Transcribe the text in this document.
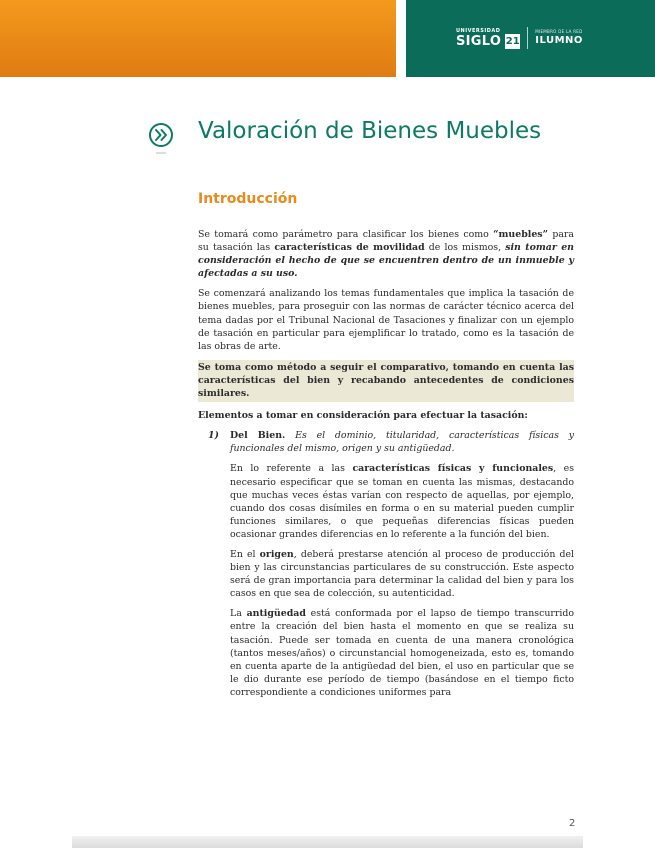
UNIVERSIDAD
SIGLO 21
MIEMBRO DE LA RED
ILUMNO
Valoración de Bienes Muebles
Introducción

Se tomará como parámetro para clasificar los bienes como “muebles” para su tasación las características de movilidad de los mismos, sin tomar en consideración el hecho de que se encuentren dentro de un inmueble y afectadas a su uso.

Se comenzará analizando los temas fundamentales que implica la tasación de bienes muebles, para proseguir con las normas de carácter técnico acerca del tema dadas por el Tribunal Nacional de Tasaciones y finalizar con un ejemplo de tasación en particular para ejemplificar lo tratado, como es la tasación de las obras de arte.

Se toma como método a seguir el comparativo, tomando en cuenta las características del bien y recabando antecedentes de condiciones similares.

Elementos a tomar en consideración para efectuar la tasación:

1)	Del Bien. Es el dominio, titularidad, características físicas y funcionales del mismo, origen y su antigüedad.

En lo referente a las características físicas y funcionales, es necesario especificar que se toman en cuenta las mismas, destacando que muchas veces éstas varían con respecto de aquellas, por ejemplo, cuando dos cosas disímiles en forma o en su material pueden cumplir funciones similares, o que pequeñas diferencias físicas pueden ocasionar grandes diferencias en lo referente a la función del bien.

En el origen, deberá prestarse atención al proceso de producción del bien y las circunstancias particulares de su construcción. Este aspecto será de gran importancia para determinar la calidad del bien y para los casos en que sea de colección, su autenticidad.

La antigüedad está conformada por el lapso de tiempo transcurrido entre la creación del bien hasta el momento en que se realiza su tasación. Puede ser tomada en cuenta de una manera cronológica (tantos meses/años) o circunstancial homogeneizada, esto es, tomando en cuenta aparte de la antigüedad del bien, el uso en particular que se le dio durante ese período de tiempo (basándose en el tiempo ficto correspondiente a condiciones uniformes para

2
